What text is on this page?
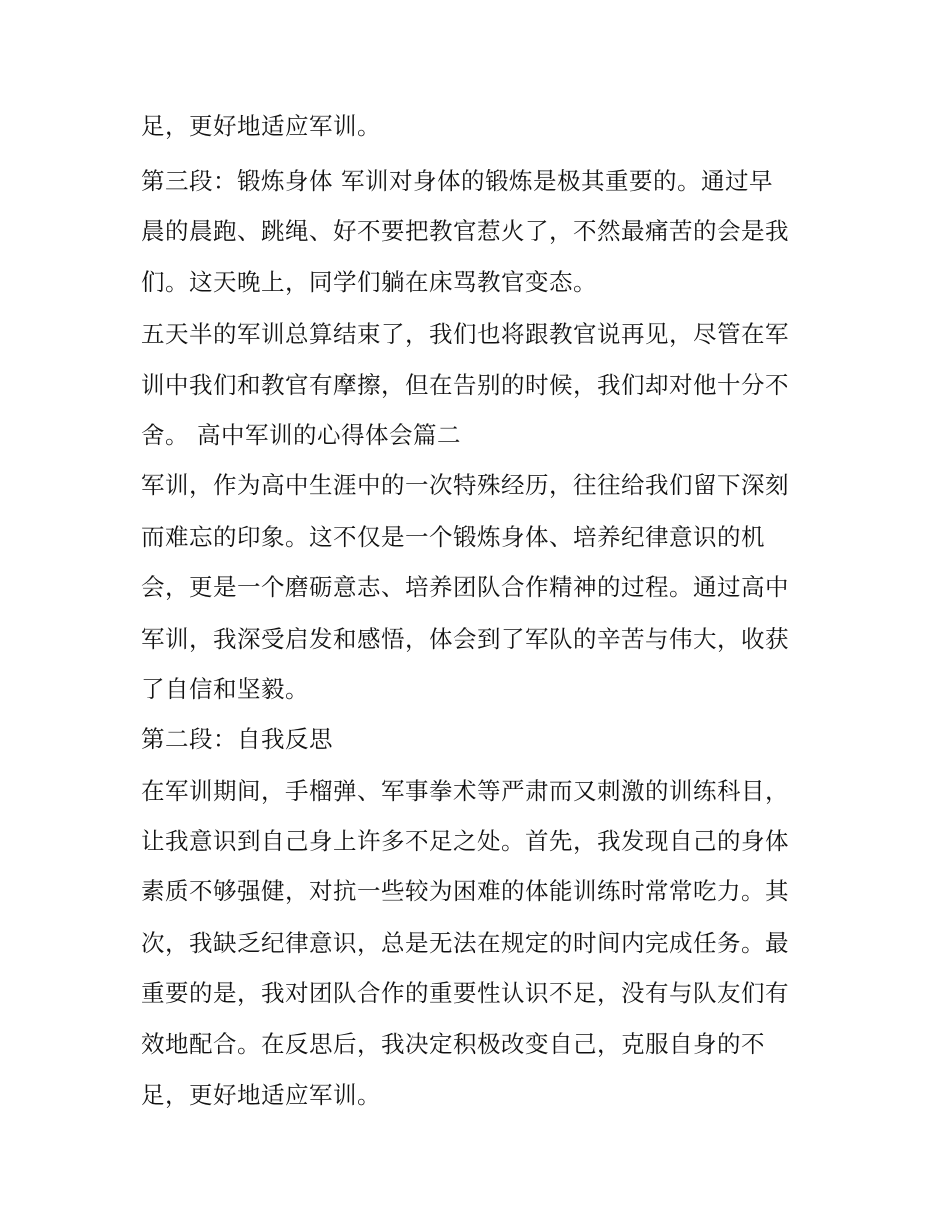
足，更好地适应军训。
第三段：锻炼身体 军训对身体的锻炼是极其重要的。通过早
晨的晨跑、跳绳、好不要把教官惹火了，不然最痛苦的会是我
们。这天晚上，同学们躺在床骂教官变态。
五天半的军训总算结束了，我们也将跟教官说再见，尽管在军
训中我们和教官有摩擦，但在告别的时候，我们却对他十分不
舍。 高中军训的心得体会篇二
军训，作为高中生涯中的一次特殊经历，往往给我们留下深刻
而难忘的印象。这不仅是一个锻炼身体、培养纪律意识的机
会，更是一个磨砺意志、培养团队合作精神的过程。通过高中
军训，我深受启发和感悟，体会到了军队的辛苦与伟大，收获
了自信和坚毅。
第二段：自我反思
在军训期间，手榴弹、军事拳术等严肃而又刺激的训练科目，
让我意识到自己身上许多不足之处。首先，我发现自己的身体
素质不够强健，对抗一些较为困难的体能训练时常常吃力。其
次，我缺乏纪律意识，总是无法在规定的时间内完成任务。最
重要的是，我对团队合作的重要性认识不足，没有与队友们有
效地配合。在反思后，我决定积极改变自己，克服自身的不
足，更好地适应军训。
